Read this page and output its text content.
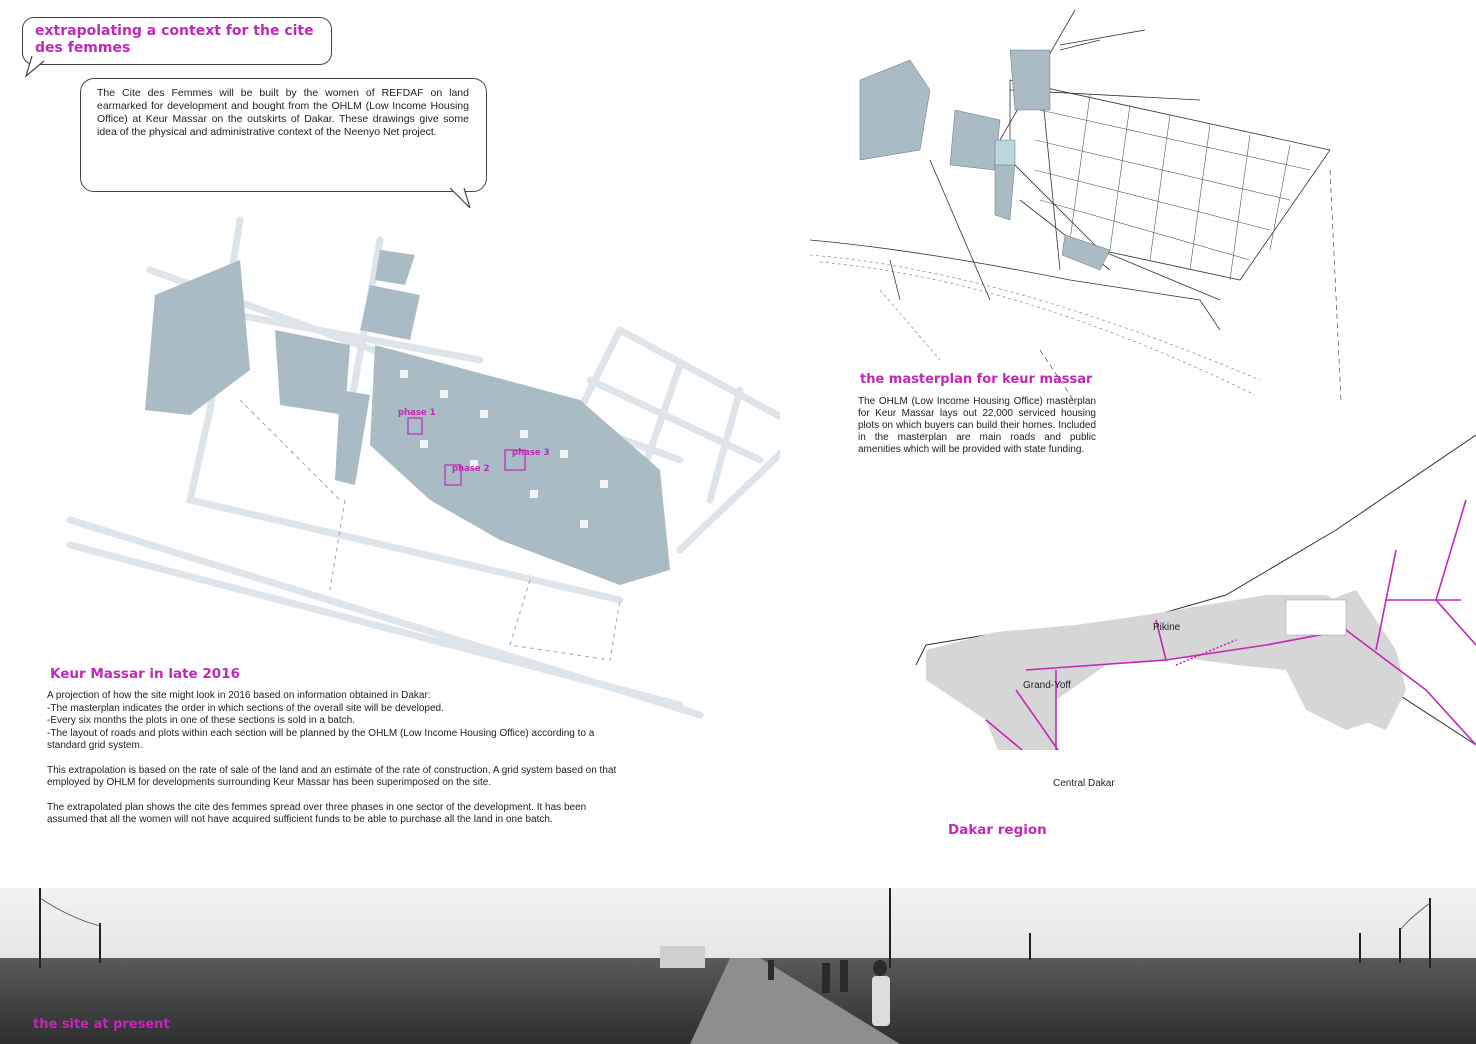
extrapolating a context for the cite des femmes

The Cite des Femmes will be built by the women of REFDAF on land earmarked for development and bought from the OHLM (Low Income Housing Office) at Keur Massar on the outskirts of Dakar. These drawings give some idea of the physical and administrative context of the Neenyo Net project.

phase 1
phase 2
phase 3
Keur Massar in late 2016
A projection of how the site might look in 2016 based on information obtained in Dakar:
-The masterplan indicates the order in which sections of the overall site will be developed.
-Every six months the plots in one of these sections is sold in a batch.
-The layout of roads and plots within each section will be planned by the OHLM (Low Income Housing Office) according to a standard grid system.

This extrapolation is based on the rate of sale of the land and an estimate of the rate of construction. A grid system based on that employed by OHLM for developments surrounding Keur Massar has been superimposed on the site.

The extrapolated plan shows the cite des femmes spread over three phases in one sector of the development. It has been assumed that all the women will not have acquired sufficient funds to be able to purchase all the land in one batch.

the masterplan for keur massar
The OHLM (Low Income Housing Office) masterplan for Keur Massar lays out 22,000 serviced housing plots on which buyers can build their homes. Included in the masterplan are main roads and public amenities which will be provided with state funding.
Pikine
Grand-Yoff
Central Dakar
Dakar region
the site at present
